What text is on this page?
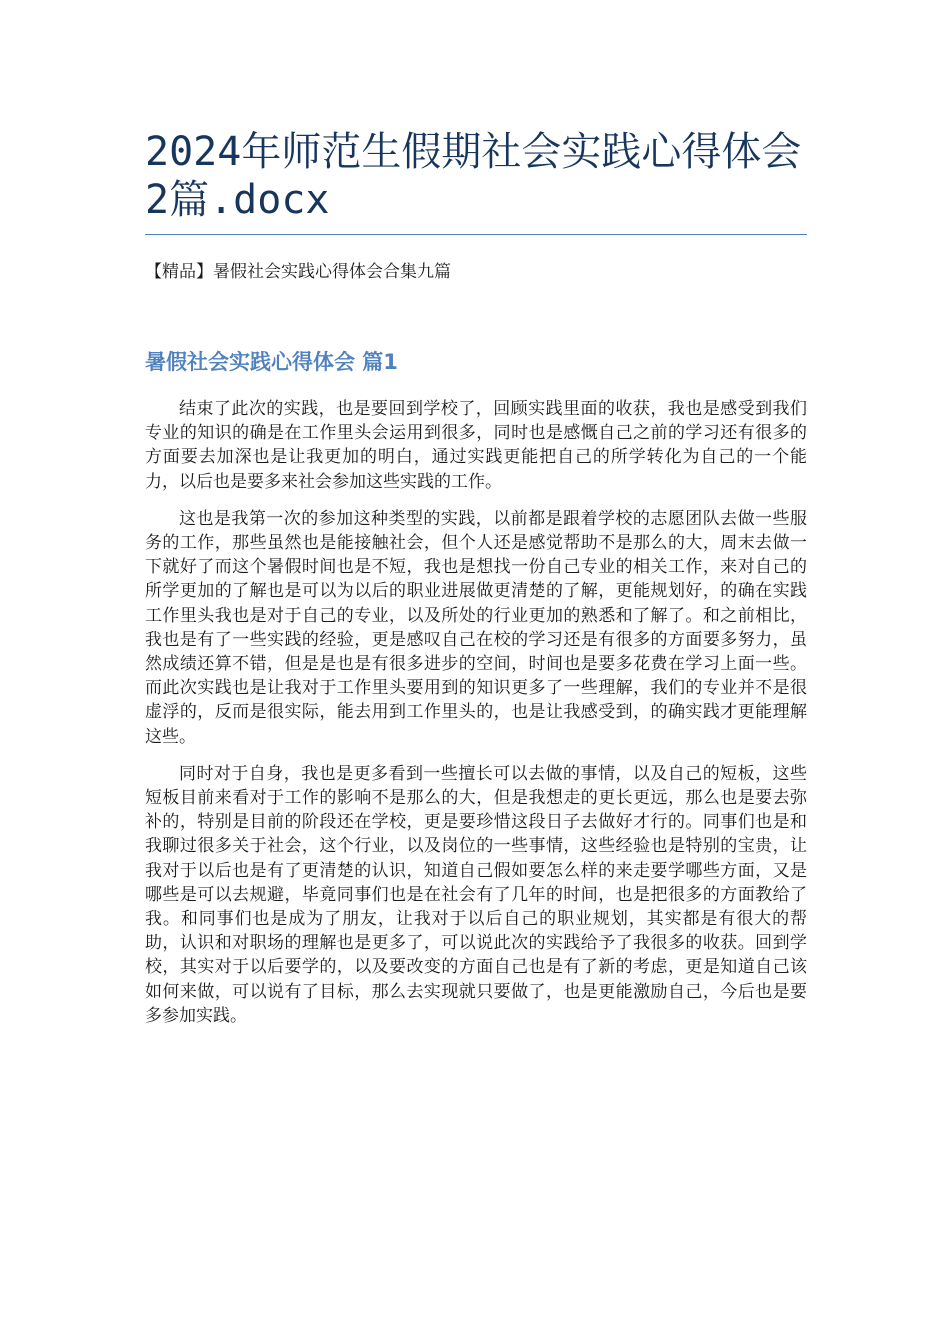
2024年师范生假期社会实践心得体会2篇.docx
【精品】暑假社会实践心得体会合集九篇
暑假社会实践心得体会 篇1

结束了此次的实践，也是要回到学校了，回顾实践里面的收获，我也是感受到我们专业的知识的确是在工作里头会运用到很多，同时也是感慨自己之前的学习还有很多的方面要去加深也是让我更加的明白，通过实践更能把自己的所学转化为自己的一个能力，以后也是要多来社会参加这些实践的工作。

这也是我第一次的参加这种类型的实践，以前都是跟着学校的志愿团队去做一些服务的工作，那些虽然也是能接触社会，但个人还是感觉帮助不是那么的大，周末去做一下就好了而这个暑假时间也是不短，我也是想找一份自己专业的相关工作，来对自己的所学更加的了解也是可以为以后的职业进展做更清楚的了解，更能规划好，的确在实践工作里头我也是对于自己的专业，以及所处的行业更加的熟悉和了解了。和之前相比，我也是有了一些实践的经验，更是感叹自己在校的学习还是有很多的方面要多努力，虽然成绩还算不错，但是是也是有很多进步的空间，时间也是要多花费在学习上面一些。而此次实践也是让我对于工作里头要用到的知识更多了一些理解，我们的专业并不是很虚浮的，反而是很实际，能去用到工作里头的，也是让我感受到，的确实践才更能理解这些。

同时对于自身，我也是更多看到一些擅长可以去做的事情，以及自己的短板，这些短板目前来看对于工作的影响不是那么的大，但是我想走的更长更远，那么也是要去弥补的，特别是目前的阶段还在学校，更是要珍惜这段日子去做好才行的。同事们也是和我聊过很多关于社会，这个行业，以及岗位的一些事情，这些经验也是特别的宝贵，让我对于以后也是有了更清楚的认识，知道自己假如要怎么样的来走要学哪些方面，又是哪些是可以去规避，毕竟同事们也是在社会有了几年的时间，也是把很多的方面教给了我。和同事们也是成为了朋友，让我对于以后自己的职业规划，其实都是有很大的帮助，认识和对职场的理解也是更多了，可以说此次的实践给予了我很多的收获。回到学校，其实对于以后要学的，以及要改变的方面自己也是有了新的考虑，更是知道自己该如何来做，可以说有了目标，那么去实现就只要做了，也是更能激励自己，今后也是要多参加实践。
